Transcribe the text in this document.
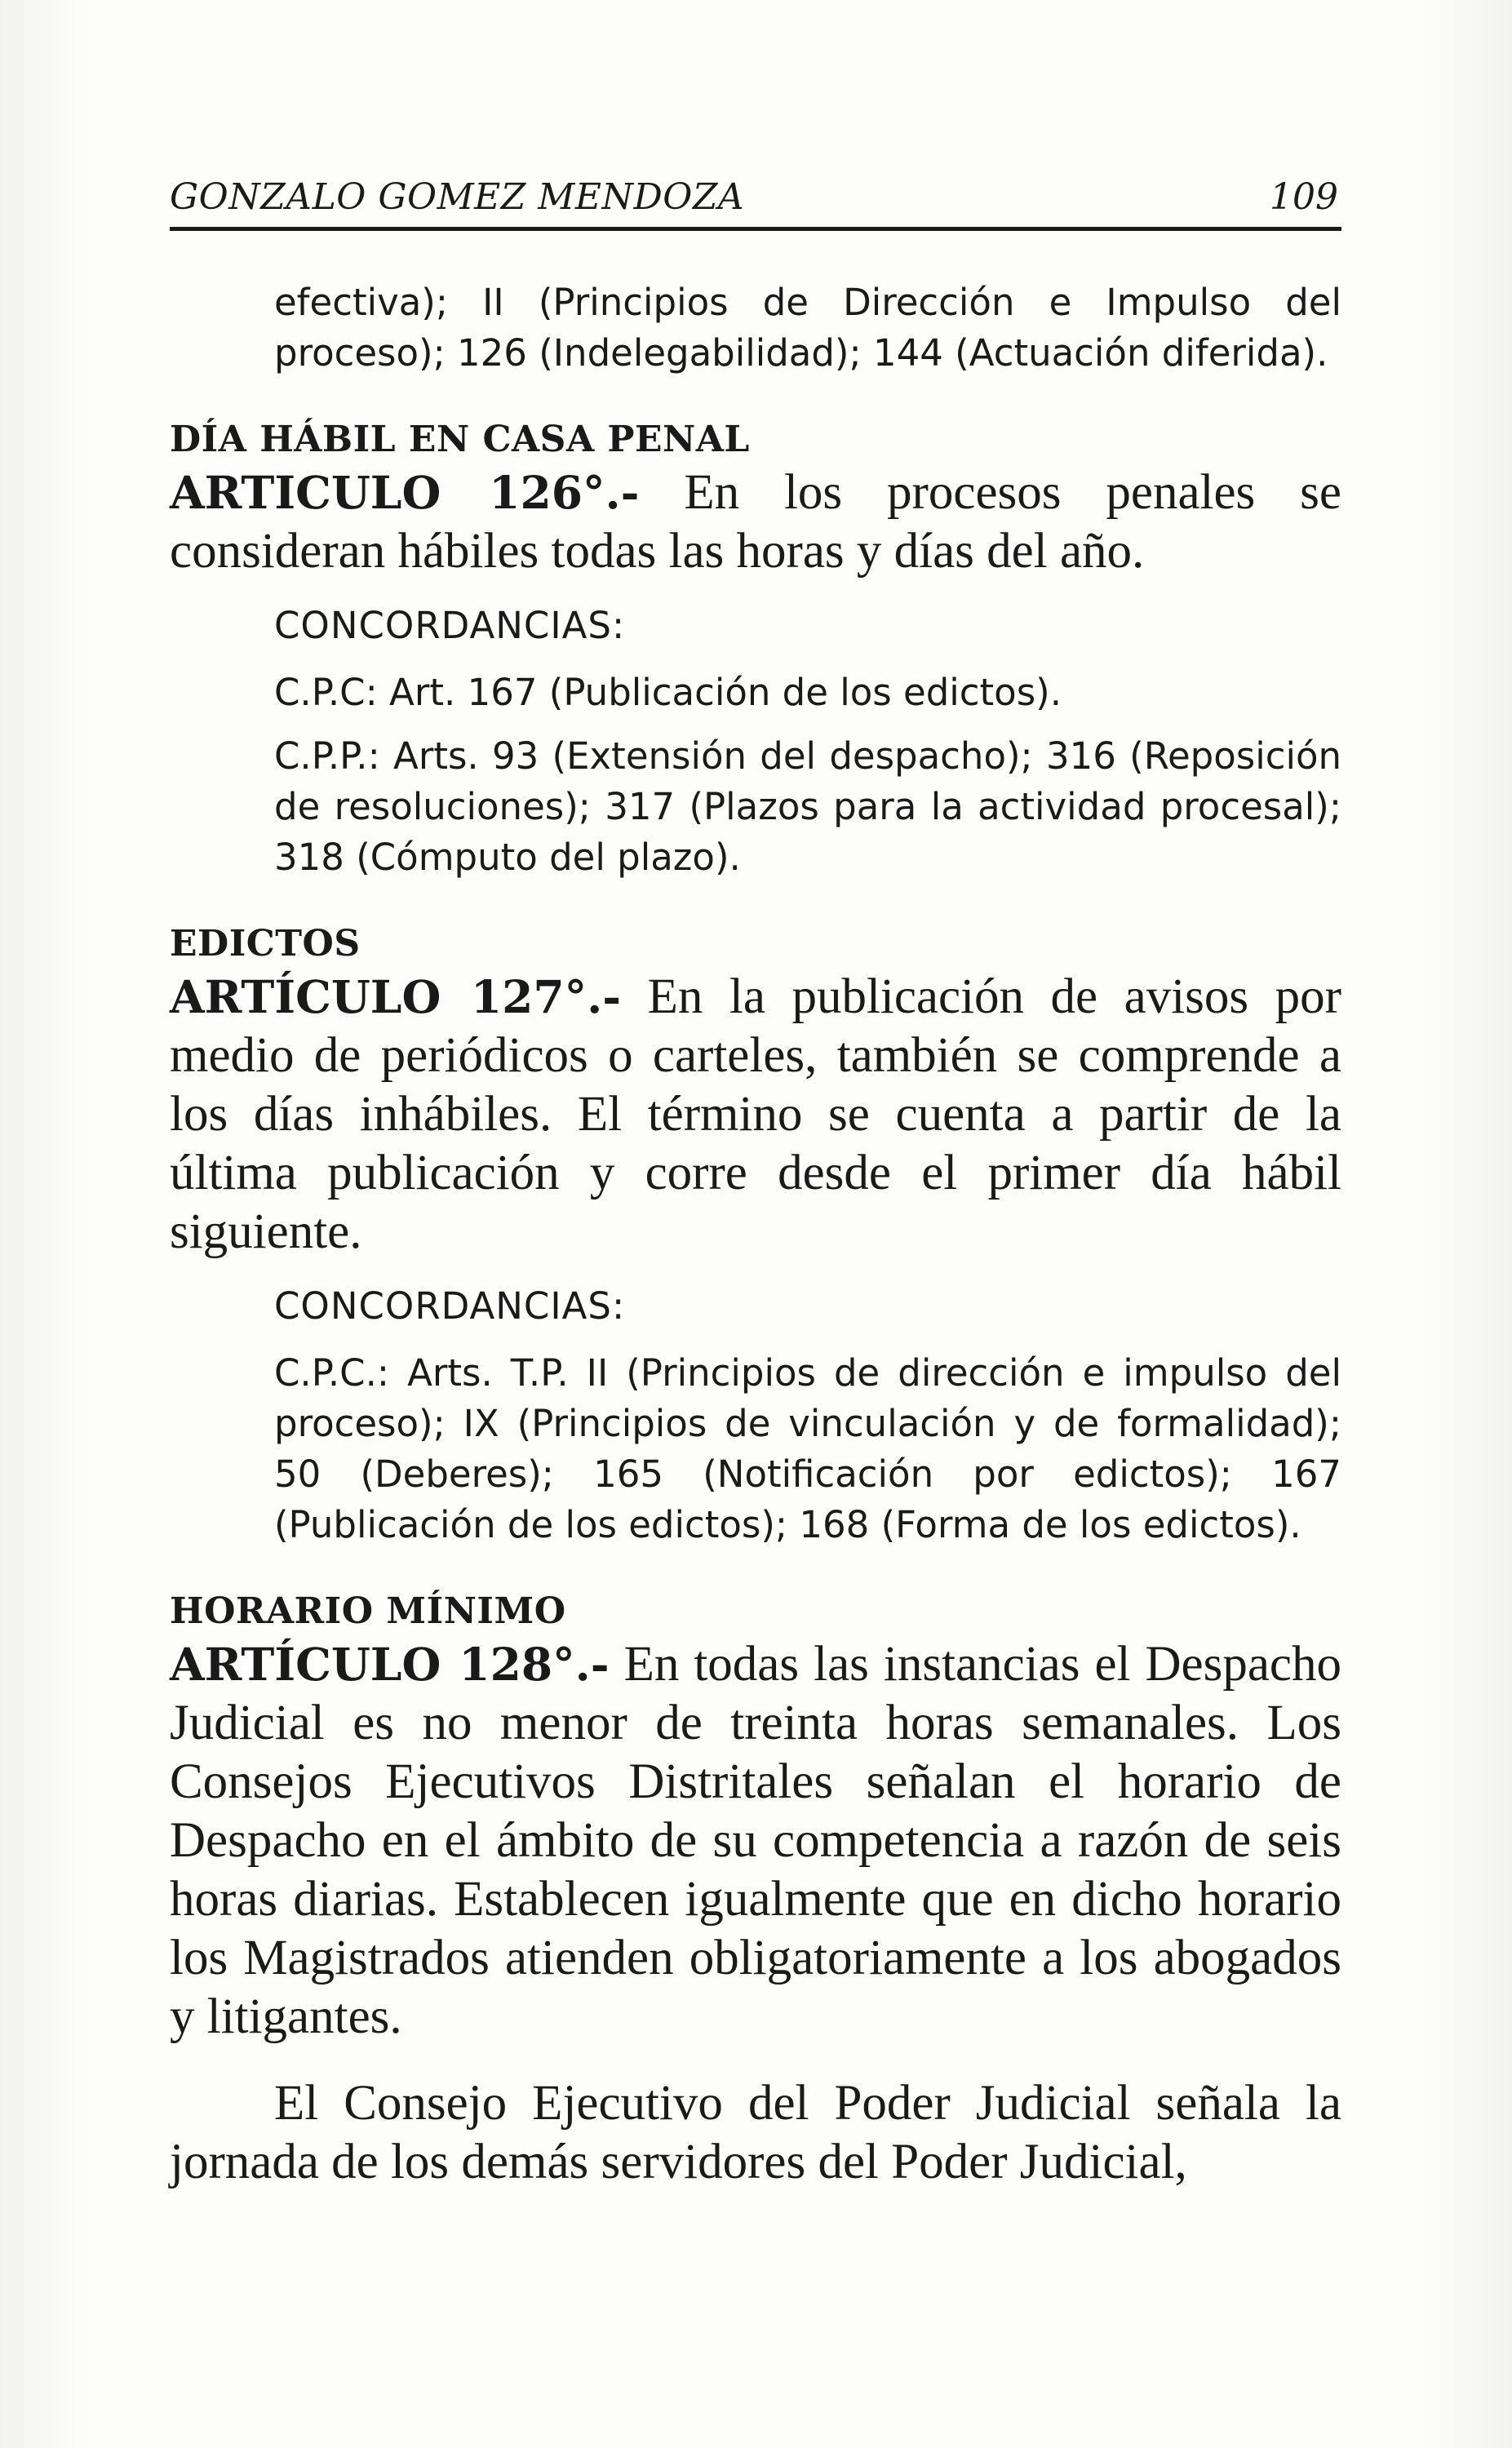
GONZALO GOMEZ MENDOZA	109

efectiva); II (Principios de Dirección e Impulso del proceso); 126 (Indelegabilidad); 144 (Actuación diferida).

DÍA HÁBIL EN CASA PENAL

ARTICULO 126°.- En los procesos penales se consideran hábiles todas las horas y días del año.

CONCORDANCIAS:

C.P.C: Art. 167 (Publicación de los edictos).

C.P.P.: Arts. 93 (Extensión del despacho); 316 (Reposición de resoluciones); 317 (Plazos para la actividad procesal); 318 (Cómputo del plazo).

EDICTOS

ARTÍCULO 127°.- En la publicación de avisos por medio de periódicos o carteles, también se comprende a los días inhábiles. El término se cuenta a partir de la última publicación y corre desde el primer día hábil siguiente.

CONCORDANCIAS:

C.P.C.: Arts. T.P. II (Principios de dirección e impulso del proceso); IX (Principios de vinculación y de formalidad); 50 (Deberes); 165 (Notificación por edictos); 167 (Publicación de los edictos); 168 (Forma de los edictos).

HORARIO MÍNIMO

ARTÍCULO 128°.- En todas las instancias el Despacho Judicial es no menor de treinta horas semanales. Los Consejos Ejecutivos Distritales señalan el horario de Despacho en el ámbito de su competencia a razón de seis horas diarias. Establecen igualmente que en dicho horario los Magistrados atienden obligatoriamente a los abogados y litigantes.

El Consejo Ejecutivo del Poder Judicial señala la jornada de los demás servidores del Poder Judicial,
